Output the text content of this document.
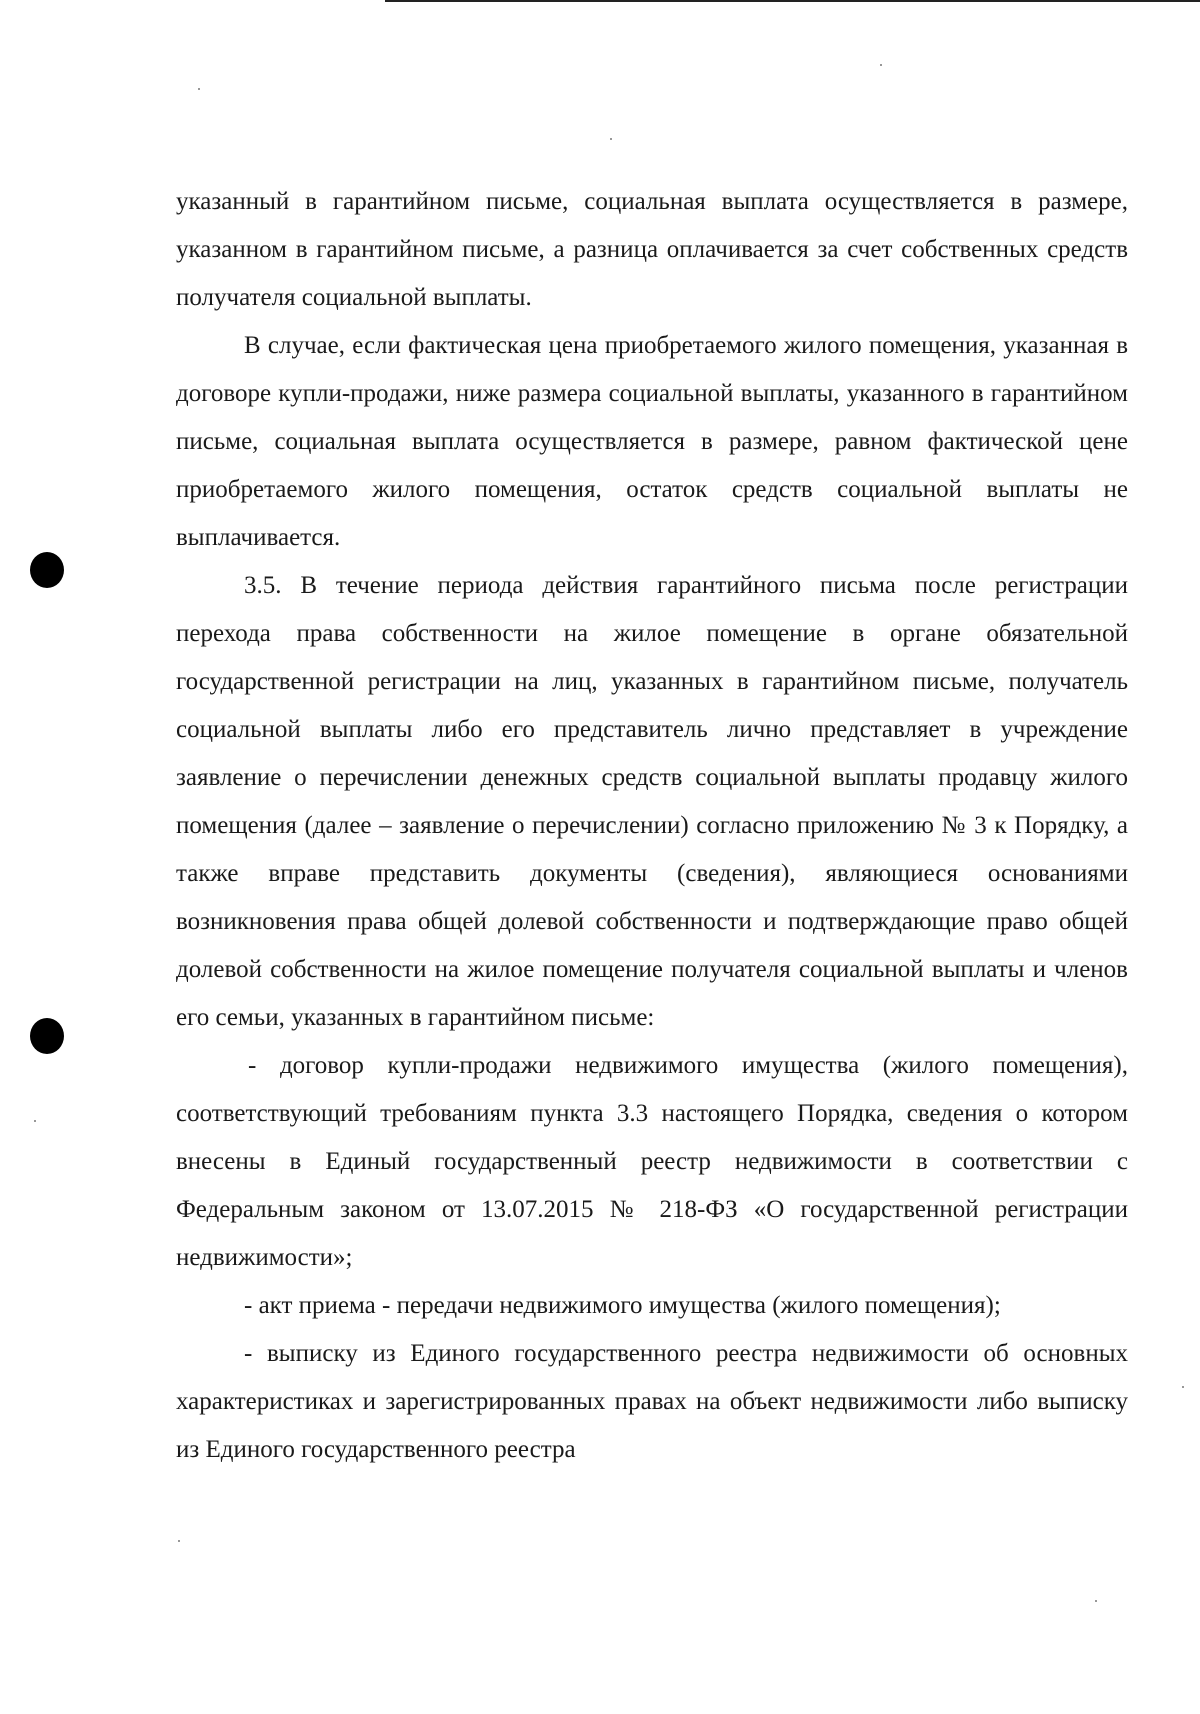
указанный в гарантийном письме, социальная выплата осуществляется в размере, указанном в гарантийном письме, а разница оплачивается за счет собственных средств получателя социальной выплаты.

В случае, если фактическая цена приобретаемого жилого помещения, указанная в договоре купли-продажи, ниже размера социальной выплаты, указанного в гарантийном письме, социальная выплата осуществляется в размере, равном фактической цене приобретаемого жилого помещения, остаток средств социальной выплаты не выплачивается.

3.5. В течение периода действия гарантийного письма после регистрации перехода права собственности на жилое помещение в органе обязательной государственной регистрации на лиц, указанных в гарантийном письме, получатель социальной выплаты либо его представитель лично представляет в учреждение заявление о перечислении денежных средств социальной выплаты продавцу жилого помещения (далее – заявление о перечислении) согласно приложению № 3 к Порядку, а также вправе представить документы (сведения), являющиеся основаниями возникновения права общей долевой собственности и подтверждающие право общей долевой собственности на жилое помещение получателя социальной выплаты и членов его семьи, указанных в гарантийном письме:

- договор купли-продажи недвижимого имущества (жилого помещения), соответствующий требованиям пункта 3.3 настоящего Порядка, сведения о котором внесены в Единый государственный реестр недвижимости в соответствии с Федеральным законом от 13.07.2015 № 218-ФЗ «О государственной регистрации недвижимости»;

- акт приема - передачи недвижимого имущества (жилого помещения);

- выписку из Единого государственного реестра недвижимости об основных характеристиках и зарегистрированных правах на объект недвижимости либо выписку из Единого государственного реестра
